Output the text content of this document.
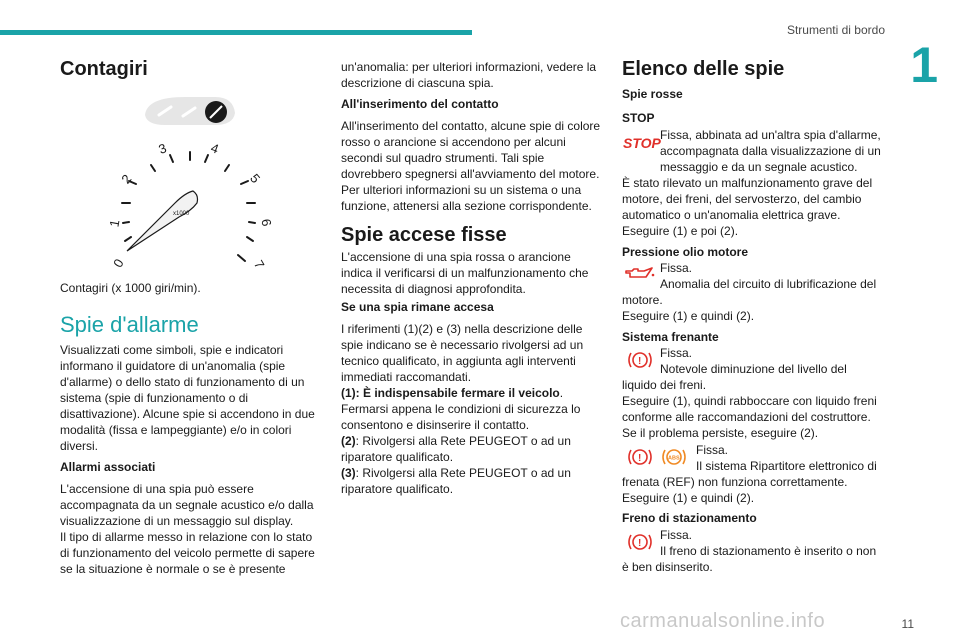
Strumenti di bordo
1
Contagiri
0
1
2
3	4
5
6
7
x1000

Contagiri (x 1000 giri/min).

Spie d'allarme

Visualizzati come simboli, spie e indicatori informano il guidatore di un'anomalia (spie d'allarme) o dello stato di funzionamento di un sistema (spie di funzionamento o di disattivazione). Alcune spie si accendono in due modalità (fissa e lampeggiante) e/o in colori diversi.

Allarmi associati

L'accensione di una spia può essere accompagnata da un segnale acustico e/o dalla visualizzazione di un messaggio sul display.
Il tipo di allarme messo in relazione con lo stato di funzionamento del veicolo permette di sapere se la situazione è normale o se è presente

un'anomalia: per ulteriori informazioni, vedere la descrizione di ciascuna spia.

All'inserimento del contatto

All'inserimento del contatto, alcune spie di colore rosso o arancione si accendono per alcuni secondi sul quadro strumenti. Tali spie dovrebbero spegnersi all'avviamento del motore.
Per ulteriori informazioni su un sistema o una funzione, attenersi alla sezione corrispondente.

Spie accese fisse

L'accensione di una spia rossa o arancione indica il verificarsi di un malfunzionamento che necessita di diagnosi approfondita.

Se una spia rimane accesa

I riferimenti (1)(2) e (3) nella descrizione delle spie indicano se è necessario rivolgersi ad un tecnico qualificato, in aggiunta agli interventi immediati raccomandati.

(1): È indispensabile fermare il veicolo. Fermarsi appena le condizioni di sicurezza lo consentono e disinserire il contatto.

(2): Rivolgersi alla Rete PEUGEOT o ad un riparatore qualificato.

(3): Rivolgersi alla Rete PEUGEOT o ad un riparatore qualificato.

Elenco delle spie
Spie rosse
STOP
STOP Fissa, abbinata ad un'altra spia d'allarme, accompagnata dalla visualizzazione di un messaggio e da un segnale acustico.

È stato rilevato un malfunzionamento grave del motore, dei freni, del servosterzo, del cambio automatico o un'anomalia elettrica grave.

Eseguire (1) e poi (2).

Pressione olio motore

Fissa.

Anomalia del circuito di lubrificazione del motore.

Eseguire (1) e quindi (2).

Sistema frenante
!

Fissa.

Notevole diminuzione del livello del liquido dei freni.

Eseguire (1), quindi rabboccare con liquido freni conforme alle raccomandazioni del costruttore.

Se il problema persiste, eseguire (2).

!	ABS

Fissa.

Il sistema Ripartitore elettronico di frenata (REF) non funziona correttamente.

Eseguire (1) e quindi (2).

Freno di stazionamento
!

Fissa.

Il freno di stazionamento è inserito o non è ben disinserito.

carmanualsonline.info	11
